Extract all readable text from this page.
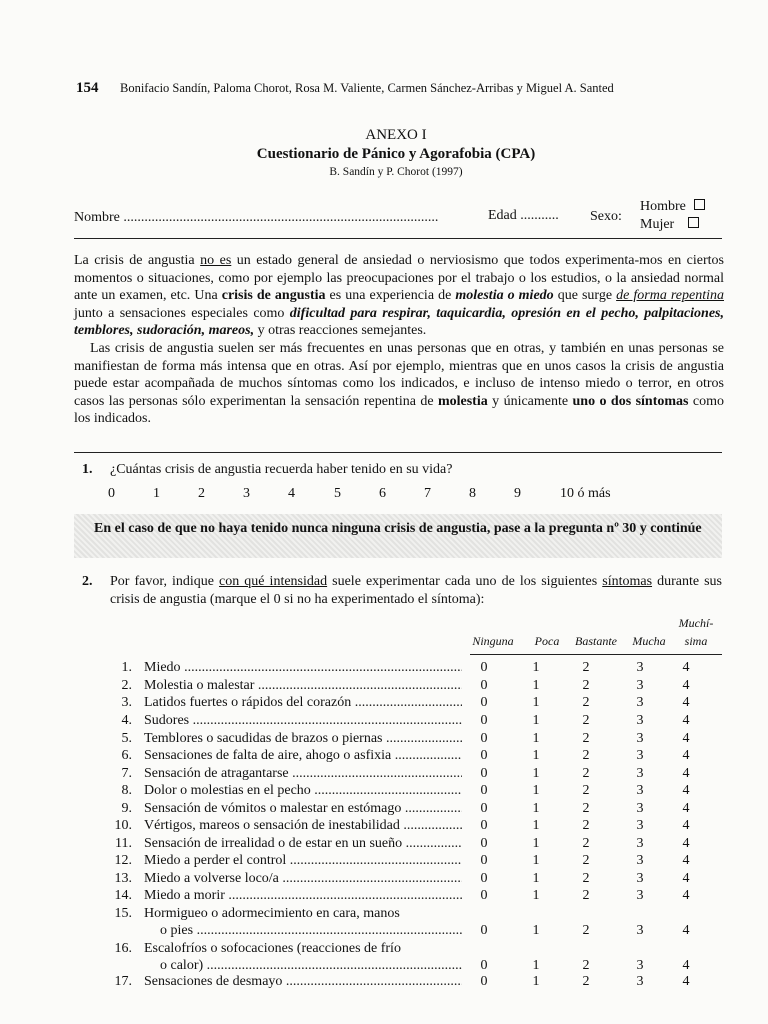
154 Bonifacio Sandín, Paloma Chorot, Rosa M. Valiente, Carmen Sánchez-Arribas y Miguel A. Santed
ANEXO I
Cuestionario de Pánico y Agorafobia (CPA)
B. Sandín y P. Chorot (1997)
Nombre ..........................................................................................	Edad ........... Sexo:
Hombre
Mujer

La crisis de angustia no es un estado general de ansiedad o nerviosismo que todos experimenta-mos en ciertos momentos o situaciones, como por ejemplo las preocupaciones por el trabajo o los estudios, o la ansiedad normal ante un examen, etc. Una crisis de angustia es una experiencia de molestia o miedo que surge de forma repentina junto a sensaciones especiales como dificultad para respirar, taquicardia, opresión en el pecho, palpitaciones, temblores, sudoración, mareos, y otras reacciones semejantes.

Las crisis de angustia suelen ser más frecuentes en unas personas que en otras, y también en unas personas se manifiestan de forma más intensa que en otras. Así por ejemplo, mientras que en unos casos la crisis de angustia puede estar acompañada de muchos síntomas como los indicados, e incluso de intenso miedo o terror, en otros casos las personas sólo experimentan la sensación repentina de molestia y únicamente uno o dos síntomas como los indicados.

1. ¿Cuántas crisis de angustia recuerda haber tenido en su vida?
0	1	2	3	4	5	6	7	8	9	10 ó más
En el caso de que no haya tenido nunca ninguna crisis de angustia, pase a la pregunta nº 30 y continúe
2. Por favor, indique con qué intensidad suele experimentar cada uno de los siguientes síntomas durante sus crisis de angustia (marque el 0 si no ha experimentado el síntoma):
Ninguna	Poca	Bastante	Mucha
Muchí-
sima
1. Miedo .....	0	1	2	3	4
2. Molestia o malestar .....	0	1	2	3	4
3. Latidos fuertes o rápidos del corazón .....	0	1	2	3	4
4. Sudores .....	0	1	2	3	4
5. Temblores o sacudidas de brazos o piernas .....	0	1	2	3	4
6. Sensaciones de falta de aire, ahogo o asfixia .....	0	1	2	3	4
7. Sensación de atragantarse .....	0	1	2	3	4
8. Dolor o molestias en el pecho .....	0	1	2	3	4
9. Sensación de vómitos o malestar en estómago .....	0	1	2	3	4
10. Vértigos, mareos o sensación de inestabilidad .....	0	1	2	3	4
11. Sensación de irrealidad o de estar en un sueño .....	0	1	2	3	4
12. Miedo a perder el control .....	0	1	2	3	4
13. Miedo a volverse loco/a .....	0	1	2	3	4
14. Miedo a morir .....	0	1	2	3	4
15. Hormigueo o adormecimiento en cara, manos
o pies .....	0	1	2	3	4
16. Escalofríos o sofocaciones (reacciones de frío
o calor) .....	0	1	2	3	4
17. Sensaciones de desmayo .....	0	1	2	3	4
